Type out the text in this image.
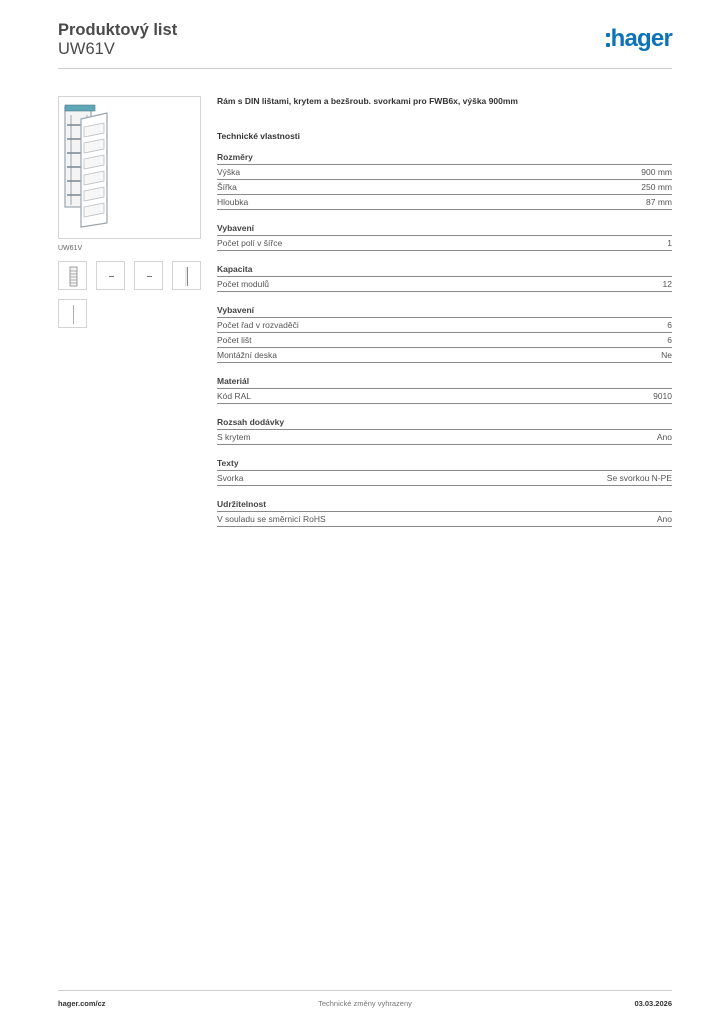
Produktový list
UW61V	hager
UW61V
Rám s DIN lištami, krytem a bezšroub. svorkami pro FWB6x, výška 900mm
Technické vlastnosti
Rozměry
Výška	900 mm
Šířka	250 mm
Hloubka	87 mm
Vybavení
Počet polí v šířce	1
Kapacita
Počet modulů	12
Vybavení
Počet řad v rozvaděči	6
Počet lišt	6
Montážní deska	Ne
Materiál
Kód RAL	9010
Rozsah dodávky
S krytem	Ano
Texty
Svorka	Se svorkou N-PE
Udržitelnost
V souladu se směrnicí RoHS	Ano
hager.com/cz	Technické změny vyhrazeny	03.03.2026
